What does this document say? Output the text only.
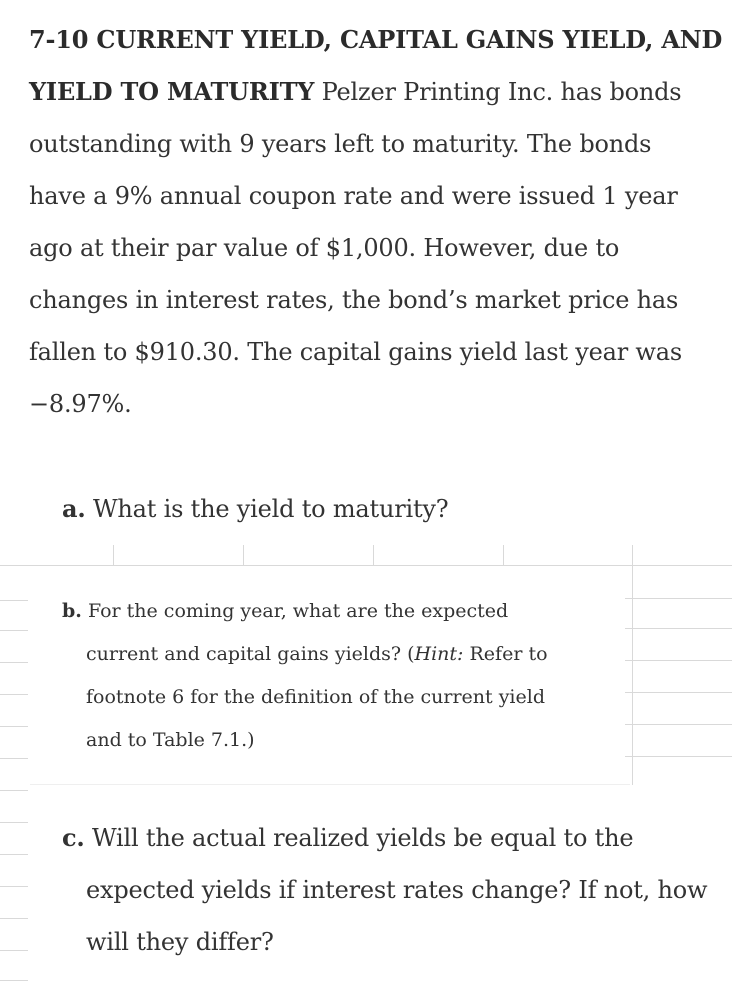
7-10 CURRENT YIELD, CAPITAL GAINS YIELD, AND
YIELD TO MATURITY Pelzer Printing Inc. has bonds
outstanding with 9 years left to maturity. The bonds
have a 9% annual coupon rate and were issued 1 year
ago at their par value of $1,000. However, due to
changes in interest rates, the bond’s market price has
fallen to $910.30. The capital gains yield last year was
−8.97%.
a. What is the yield to maturity?
b. For the coming year, what are the expected
current and capital gains yields? (Hint: Refer to
footnote 6 for the definition of the current yield
and to Table 7.1.)
c. Will the actual realized yields be equal to the
expected yields if interest rates change? If not, how
will they differ?
